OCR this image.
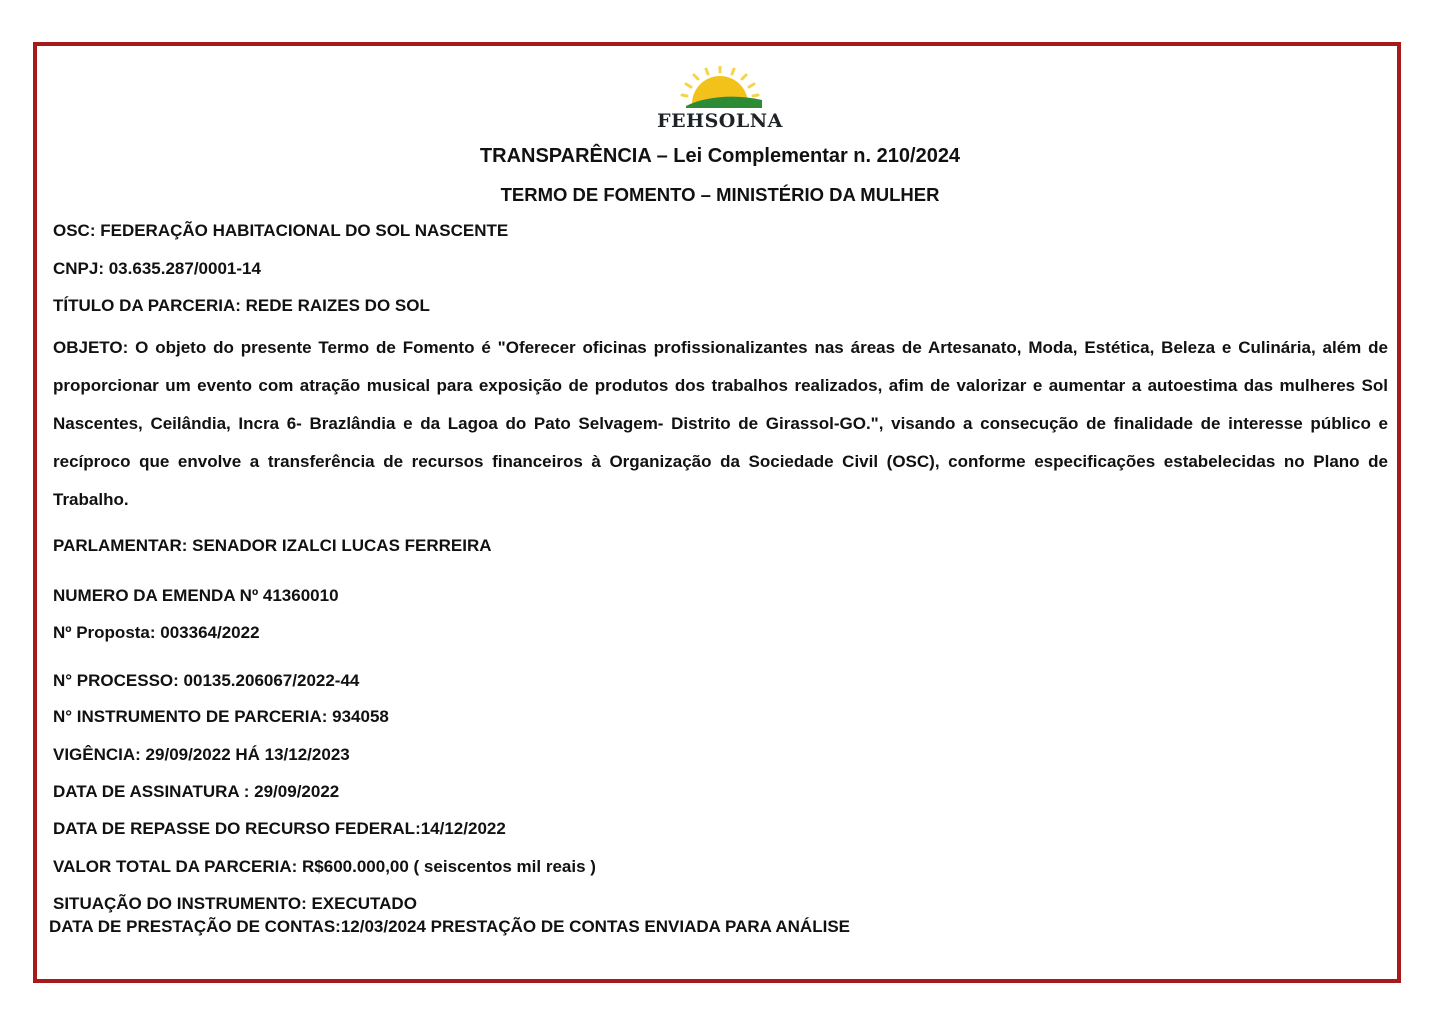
FEHSOLNA
TRANSPARÊNCIA – Lei Complementar n. 210/2024
TERMO DE FOMENTO – MINISTÉRIO DA MULHER
OSC: FEDERAÇÃO HABITACIONAL DO SOL NASCENTE
CNPJ: 03.635.287/0001-14
TÍTULO DA PARCERIA: REDE RAIZES DO SOL
OBJETO: O objeto do presente Termo de Fomento é "Oferecer oficinas profissionalizantes nas áreas de Artesanato, Moda, Estética, Beleza e Culinária, além de proporcionar um evento com atração musical para exposição de produtos dos trabalhos realizados, afim de valorizar e aumentar a autoestima das mulheres Sol Nascentes, Ceilândia, Incra 6- Brazlândia e da Lagoa do Pato Selvagem- Distrito de Girassol-GO.", visando a consecução de finalidade de interesse público e recíproco que envolve a transferência de recursos financeiros à Organização da Sociedade Civil (OSC), conforme especificações estabelecidas no Plano de Trabalho.
PARLAMENTAR: SENADOR IZALCI LUCAS FERREIRA
NUMERO DA EMENDA Nº 41360010
Nº Proposta: 003364/2022
N° PROCESSO: 00135.206067/2022-44
N° INSTRUMENTO DE PARCERIA: 934058
VIGÊNCIA: 29/09/2022 HÁ 13/12/2023
DATA DE ASSINATURA : 29/09/2022
DATA DE REPASSE DO RECURSO FEDERAL:14/12/2022
VALOR TOTAL DA PARCERIA: R$600.000,00 ( seiscentos mil reais )
SITUAÇÃO DO INSTRUMENTO: EXECUTADO
DATA DE PRESTAÇÃO DE CONTAS:12/03/2024 PRESTAÇÃO DE CONTAS ENVIADA PARA ANÁLISE
